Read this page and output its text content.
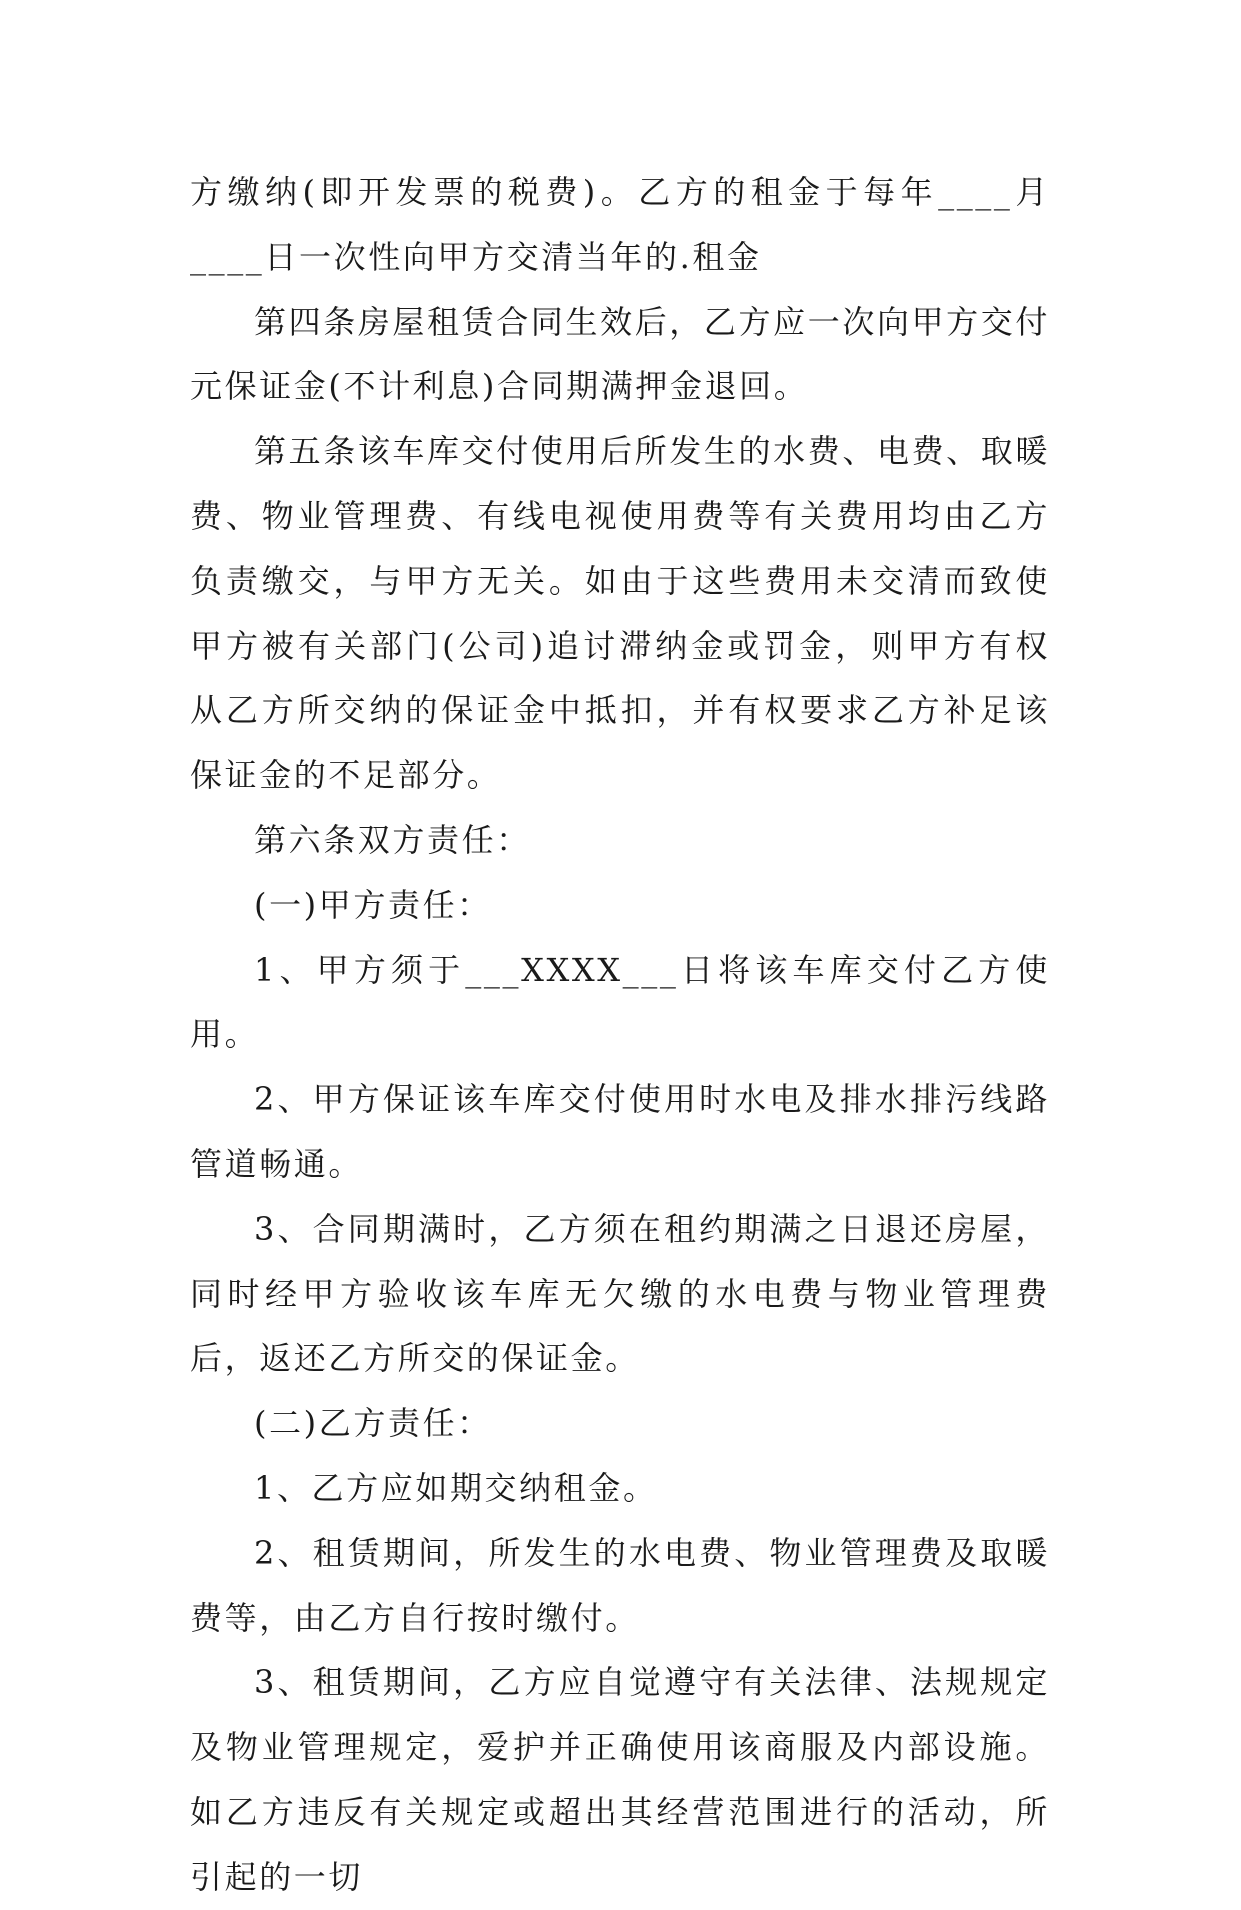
方缴纳(即开发票的税费)。乙方的租金于每年____月____日一次性向甲方交清当年的.租金

第四条房屋租赁合同生效后，乙方应一次向甲方交付元保证金(不计利息)合同期满押金退回。

第五条该车库交付使用后所发生的水费、电费、取暖费、物业管理费、有线电视使用费等有关费用均由乙方负责缴交，与甲方无关。如由于这些费用未交清而致使甲方被有关部门(公司)追讨滞纳金或罚金，则甲方有权从乙方所交纳的保证金中抵扣，并有权要求乙方补足该保证金的不足部分。

第六条双方责任：

(一)甲方责任：

1、甲方须于___XXXX___日将该车库交付乙方使用。

2、甲方保证该车库交付使用时水电及排水排污线路管道畅通。

3、合同期满时，乙方须在租约期满之日退还房屋，同时经甲方验收该车库无欠缴的水电费与物业管理费后，返还乙方所交的保证金。

(二)乙方责任：

1、乙方应如期交纳租金。

2、租赁期间，所发生的水电费、物业管理费及取暖费等，由乙方自行按时缴付。

3、租赁期间，乙方应自觉遵守有关法律、法规规定及物业管理规定，爱护并正确使用该商服及内部设施。如乙方违反有关规定或超出其经营范围进行的活动，所引起的一切
